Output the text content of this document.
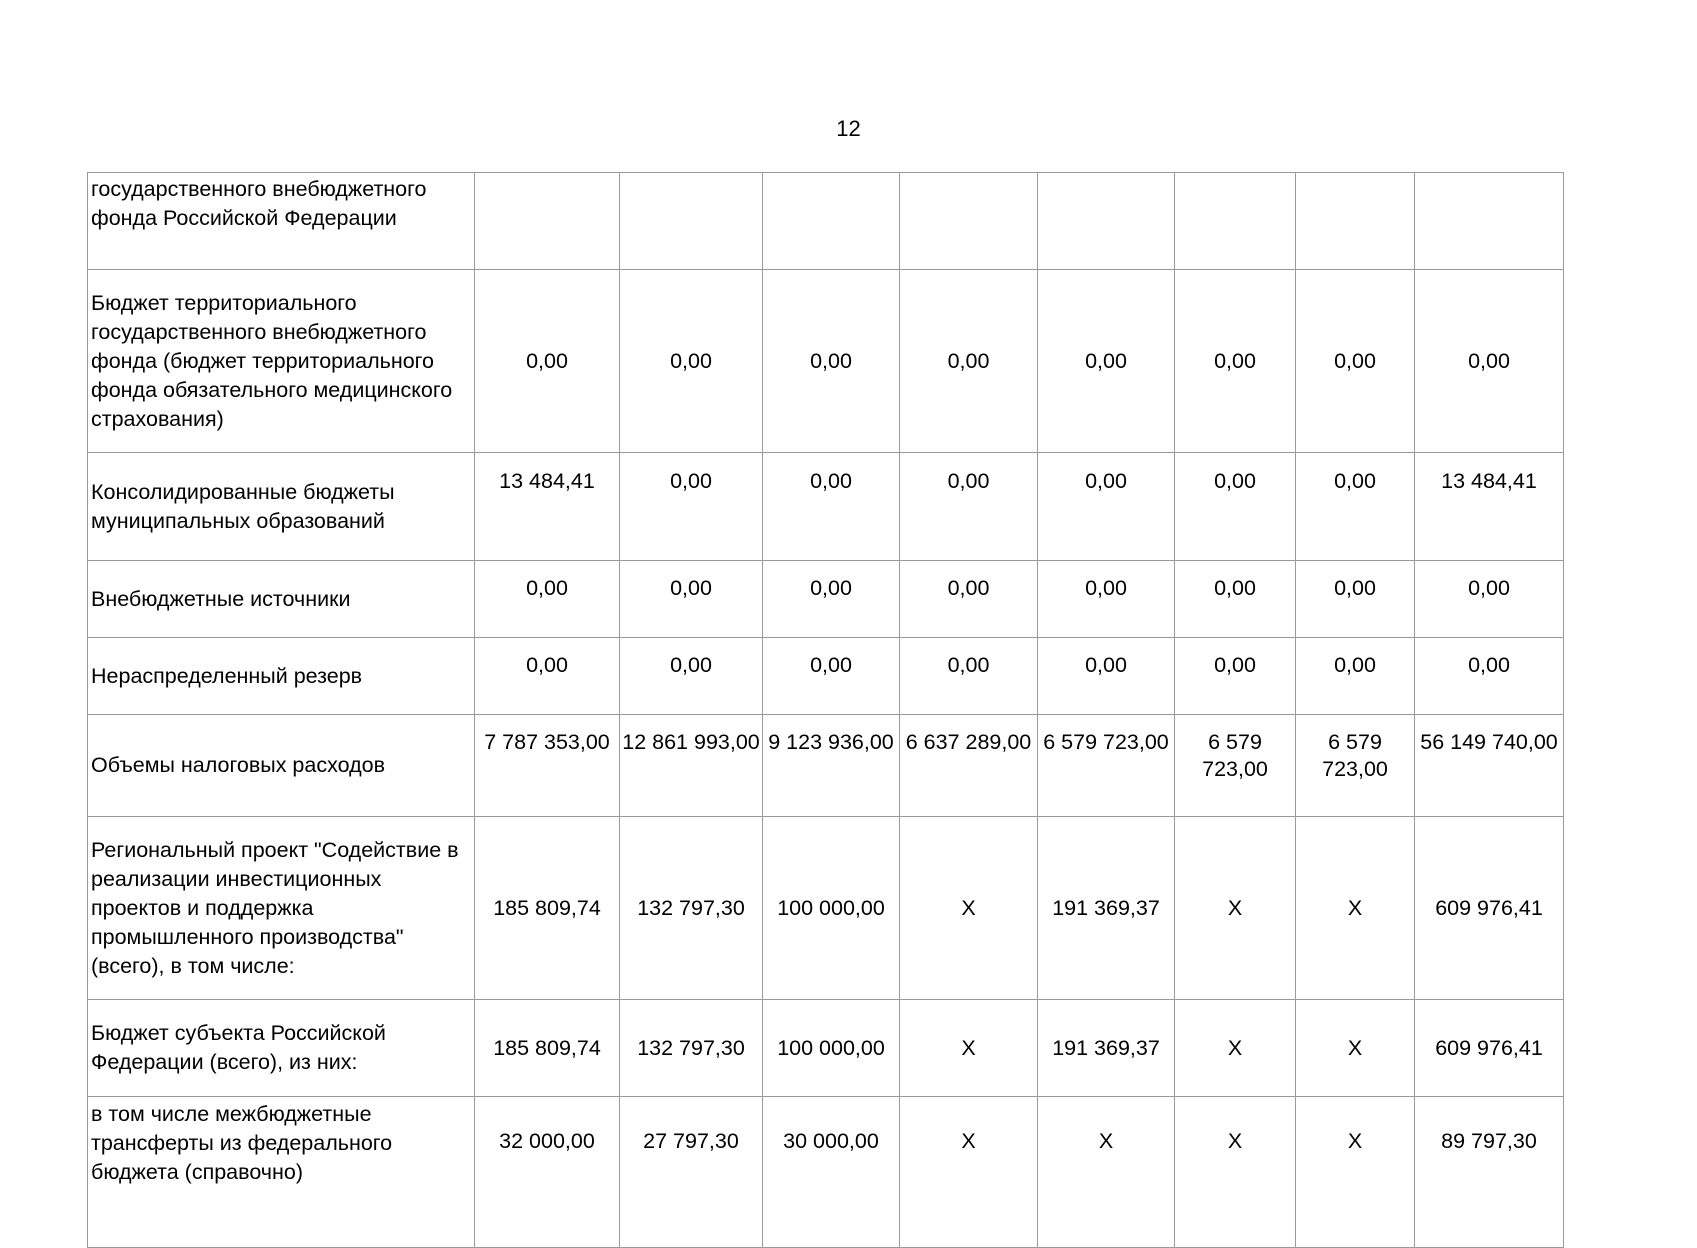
12
государственного внебюджетного фонда Российской Федерации								
Бюджет территориального государственного внебюджетного фонда (бюджет территориального фонда обязательного медицинского страхования)	0,00	0,00	0,00	0,00	0,00	0,00	0,00	0,00
Консолидированные бюджеты муниципальных образований	13 484,41	0,00	0,00	0,00	0,00	0,00	0,00	13 484,41
Внебюджетные источники	0,00	0,00	0,00	0,00	0,00	0,00	0,00	0,00
Нераспределенный резерв	0,00	0,00	0,00	0,00	0,00	0,00	0,00	0,00
Объемы налоговых расходов	7 787 353,00	12 861 993,00	9 123 936,00	6 637 289,00	6 579 723,00	6 579 723,00	6 579 723,00	56 149 740,00
Региональный проект "Содействие в реализации инвестиционных проектов и поддержка промышленного производства" (всего), в том числе:	185 809,74	132 797,30	100 000,00	X	191 369,37	X	X	609 976,41
Бюджет субъекта Российской Федерации (всего), из них:	185 809,74	132 797,30	100 000,00	X	191 369,37	X	X	609 976,41
в том числе межбюджетные трансферты из федерального бюджета (справочно)	32 000,00	27 797,30	30 000,00	X	X	X	X	89 797,30
